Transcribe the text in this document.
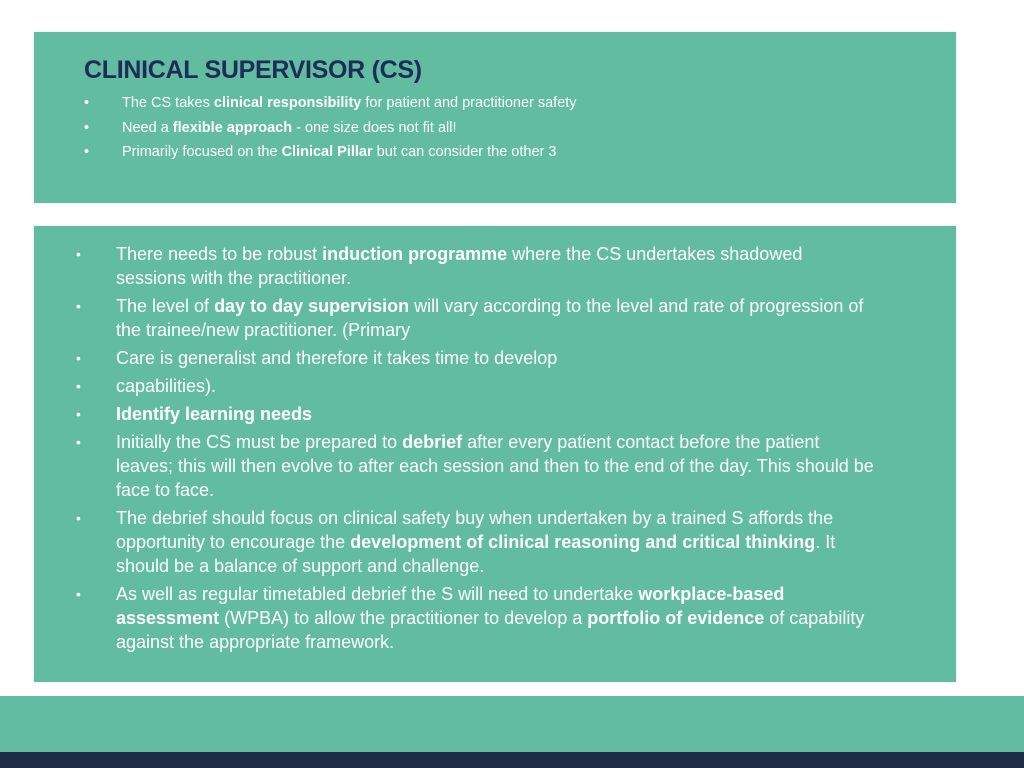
CLINICAL SUPERVISOR (CS)
• The CS takes clinical responsibility for patient and practitioner safety
• Need a flexible approach - one size does not fit all!
• Primarily focused on the Clinical Pillar but can consider the other 3
• There needs to be robust induction programme where the CS undertakes shadowed sessions with the practitioner.
• The level of day to day supervision will vary according to the level and rate of progression of the trainee/new practitioner. (Primary
• Care is generalist and therefore it takes time to develop
• capabilities).
• Identify learning needs
• Initially the CS must be prepared to debrief after every patient contact before the patient leaves; this will then evolve to after each session and then to the end of the day. This should be face to face.
• The debrief should focus on clinical safety buy when undertaken by a trained S affords the opportunity to encourage the development of clinical reasoning and critical thinking. It should be a balance of support and challenge.
• As well as regular timetabled debrief the S will need to undertake workplace-based assessment (WPBA) to allow the practitioner to develop a portfolio of evidence of capability against the appropriate framework.
